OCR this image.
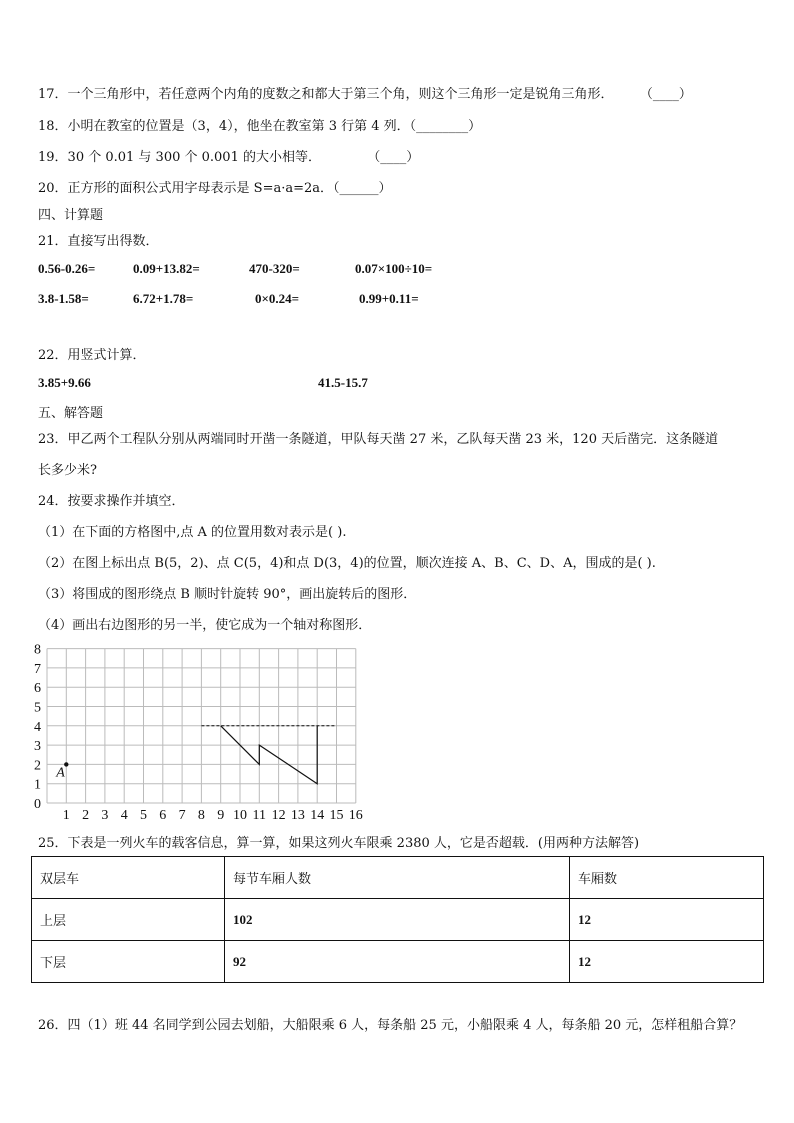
17．一个三角形中，若任意两个内角的度数之和都大于第三个角，则这个三角形一定是锐角三角形． （____）
18．小明在教室的位置是（3，4），他坐在教室第 3 行第 4 列．（________）
19．30 个 0.01 与 300 个 0.001 的大小相等．	（____）
20．正方形的面积公式用字母表示是 S=a·a=2a．（______）
四、计算题
21．直接写出得数．
0.56-0.26=	0.09+13.82=	470-320=	0.07×100÷10=
3.8-1.58=	6.72+1.78=	0×0.24=	0.99+0.11=
22．用竖式计算．
3.85+9.66	41.5-15.7
五、解答题
23．甲乙两个工程队分别从两端同时开凿一条隧道，甲队每天凿 27 米，乙队每天凿 23 米，120 天后凿完．这条隧道
长多少米?
24．按要求操作并填空．
（1）在下面的方格图中,点 A 的位置用数对表示是( ).
（2）在图上标出点 B(5，2)、点 C(5，4)和点 D(3，4)的位置，顺次连接 A、B、C、D、A，围成的是( ).
（3）将围成的图形绕点 B 顺时针旋转 90°，画出旋转后的图形．
（4）画出右边图形的另一半，使它成为一个轴对称图形．
1 2 3 4 5 6 7 8 9 10 11 12 13 14 15 16
0
1
2
3
4
5
6
7
8
A
25．下表是一列火车的载客信息，算一算，如果这列火车限乘 2380 人，它是否超载．(用两种方法解答)
双层车	每节车厢人数	车厢数
上层	102	12
下层	92	12
26．四（1）班 44 名同学到公园去划船，大船限乘 6 人，每条船 25 元，小船限乘 4 人，每条船 20 元，怎样租船合算？
